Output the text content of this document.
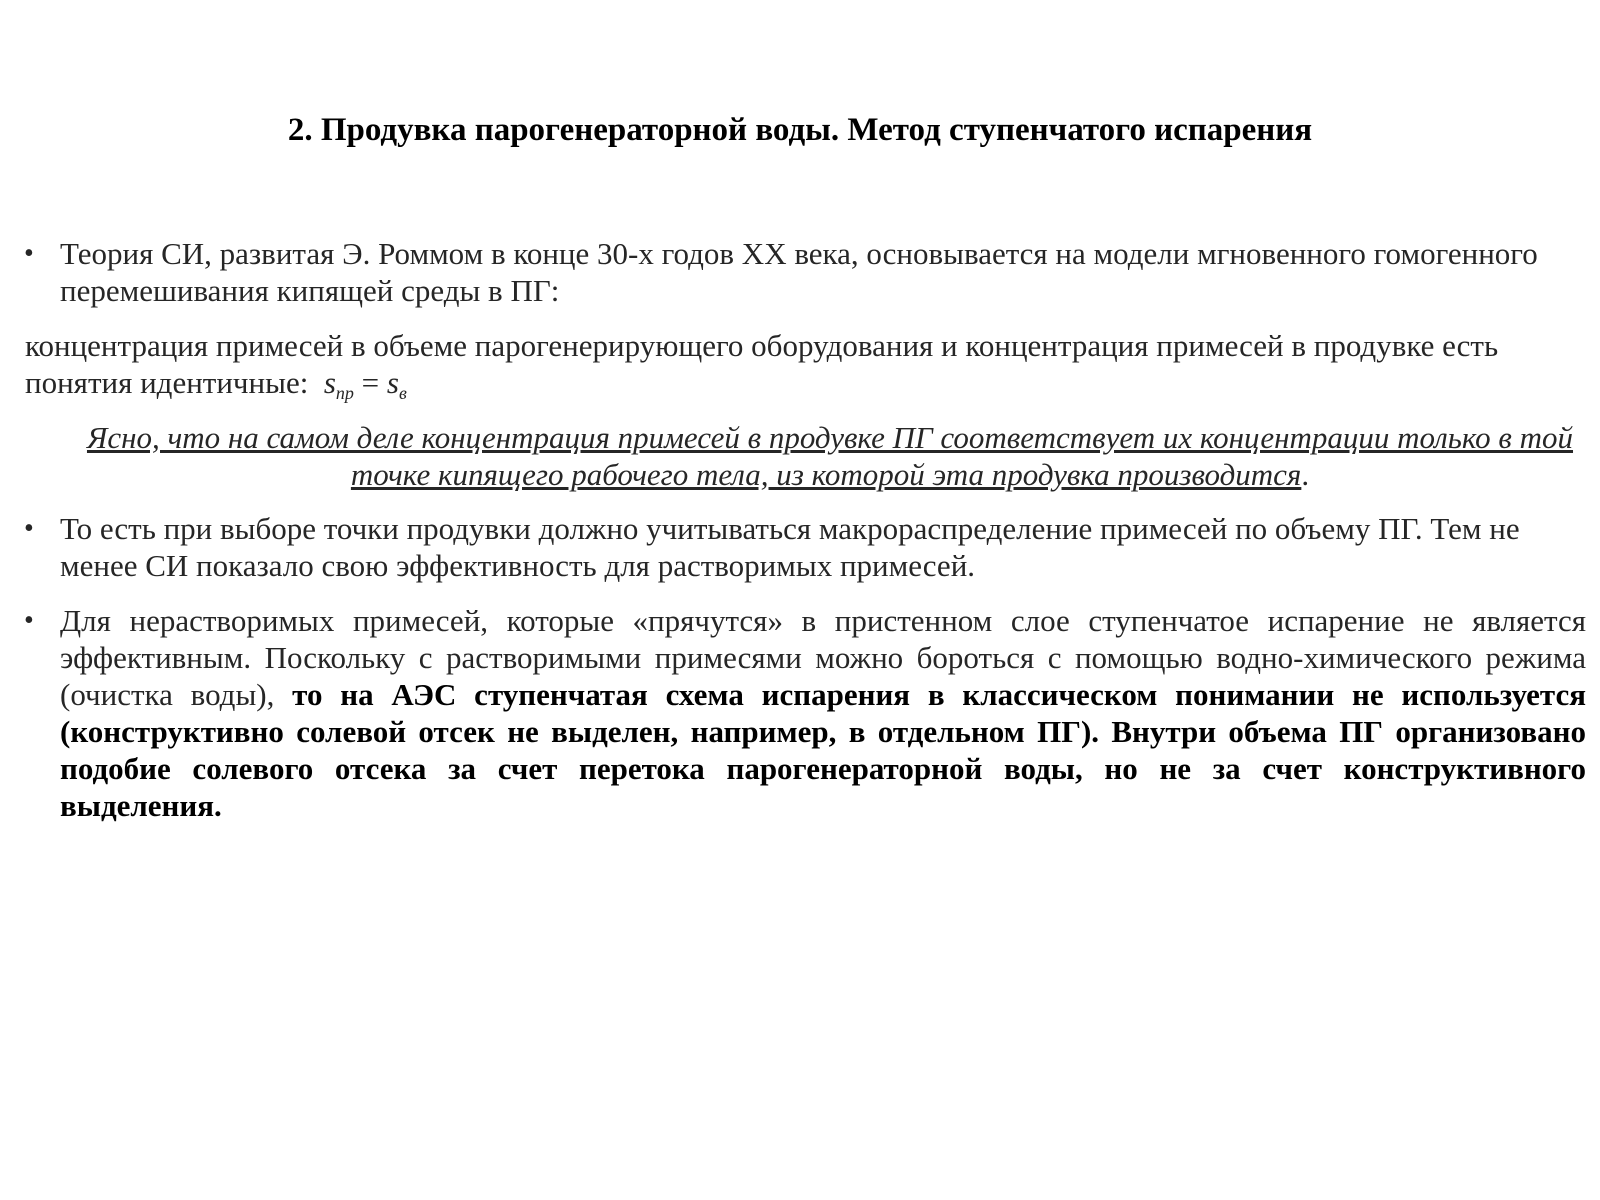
2. Продувка парогенераторной воды. Метод ступенчатого испарения
• Теория СИ, развитая Э. Роммом в конце 30-х годов XX века, основывается на модели мгновенного гомогенного перемешивания кипящей среды в ПГ:
концентрация примесей в объеме парогенерирующего оборудования и концентрация примесей в продувке есть понятия идентичные: $s_{пр} = s_в$
Ясно, что на самом деле концентрация примесей в продувке ПГ соответствует их концентрации только в той точке кипящего рабочего тела, из которой эта продувка производится.
• То есть при выборе точки продувки должно учитываться макрораспределение примесей по объему ПГ. Тем не менее СИ показало свою эффективность для растворимых примесей.
• Для нерастворимых примесей, которые «прячутся» в пристенном слое ступенчатое испарение не является эффективным. Поскольку с растворимыми примесями можно бороться с помощью водно-химического режима (очистка воды), то на АЭС ступенчатая схема испарения в классическом понимании не используется (конструктивно солевой отсек не выделен, например, в отдельном ПГ). Внутри объема ПГ организовано подобие солевого отсека за счет перетока парогенераторной воды, но не за счет конструктивного выделения.
